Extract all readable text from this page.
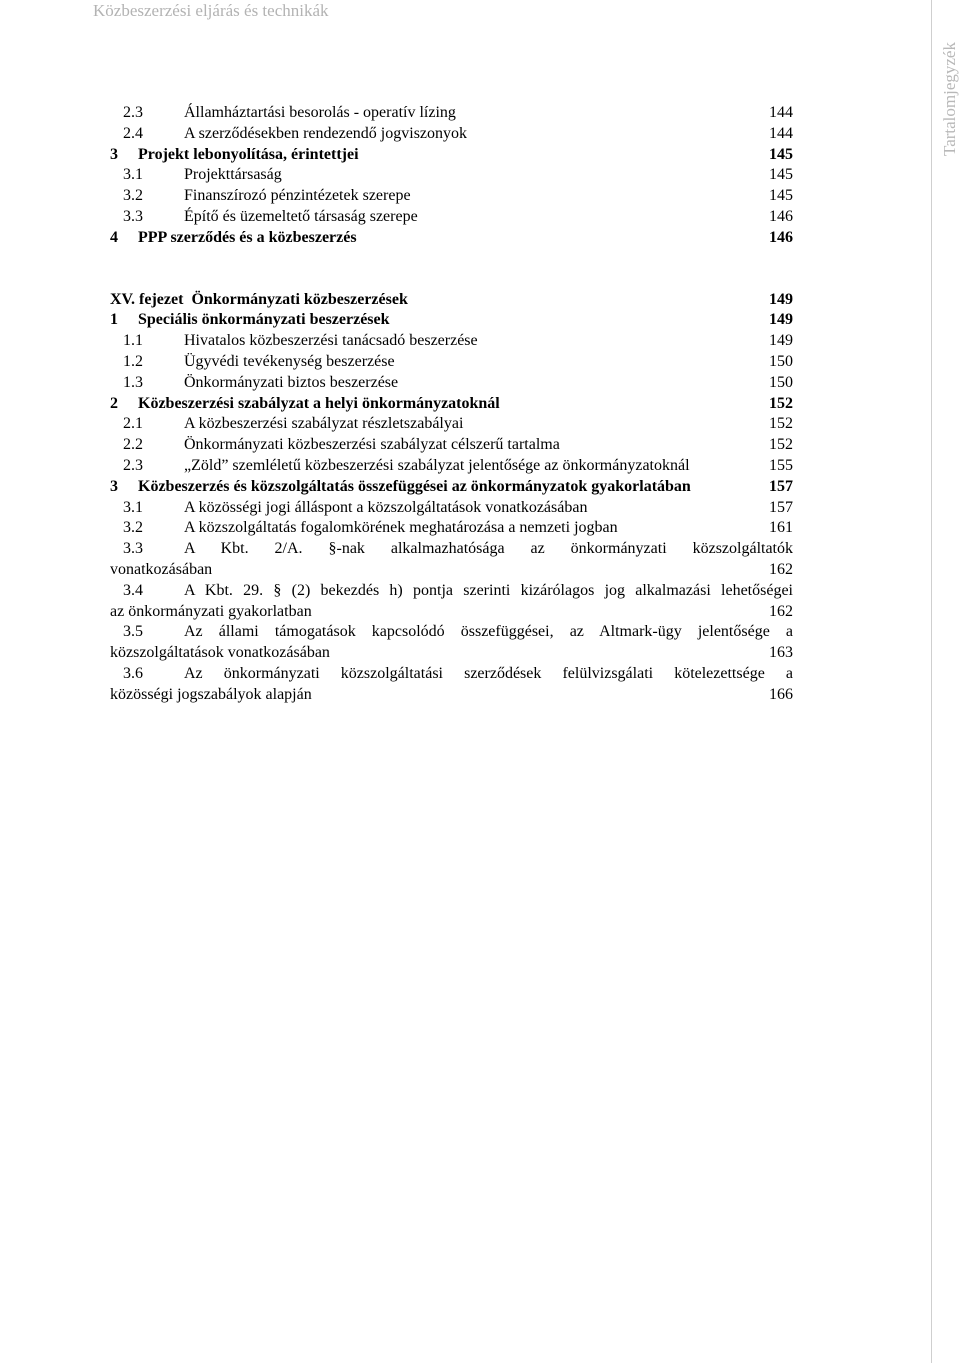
Közbeszerzési eljárás és technikák
Tartalomjegyzék
2.3	Államháztartási besorolás - operatív lízing	144
2.4	A szerződésekben rendezendő jogviszonyok	144
3	Projekt lebonyolítása, érintettjei	145
3.1	Projekttársaság	145
3.2	Finanszírozó pénzintézetek szerepe	145
3.3	Építő és üzemeltető társaság szerepe	146
4	PPP szerződés és a közbeszerzés	146
XV. fejezet Önkormányzati közbeszerzések	149
1	Speciális önkormányzati beszerzések	149
1.1	Hivatalos közbeszerzési tanácsadó beszerzése	149
1.2	Ügyvédi tevékenység beszerzése	150
1.3	Önkormányzati biztos beszerzése	150
2	Közbeszerzési szabályzat a helyi önkormányzatoknál	152
2.1	A közbeszerzési szabályzat részletszabályai	152
2.2	Önkormányzati közbeszerzési szabályzat célszerű tartalma	152
2.3	„Zöld” szemléletű közbeszerzési szabályzat jelentősége az önkormányzatoknál	155
3	Közbeszerzés és közszolgáltatás összefüggései az önkormányzatok gyakorlatában	157
3.1	A közösségi jogi álláspont a közszolgáltatások vonatkozásában	157
3.2	A közszolgáltatás fogalomkörének meghatározása a nemzeti jogban	161
3.3	A Kbt. 2/A. §-nak alkalmazhatósága az önkormányzati közszolgáltatók
vonatkozásában	162
3.4	A Kbt. 29. § (2) bekezdés h) pontja szerinti kizárólagos jog alkalmazási lehetőségei
az önkormányzati gyakorlatban	162
3.5	Az állami támogatások kapcsolódó összefüggései, az Altmark-ügy jelentősége a
közszolgáltatások vonatkozásában	163
3.6	Az önkormányzati közszolgáltatási szerződések felülvizsgálati kötelezettsége a
közösségi jogszabályok alapján	166
